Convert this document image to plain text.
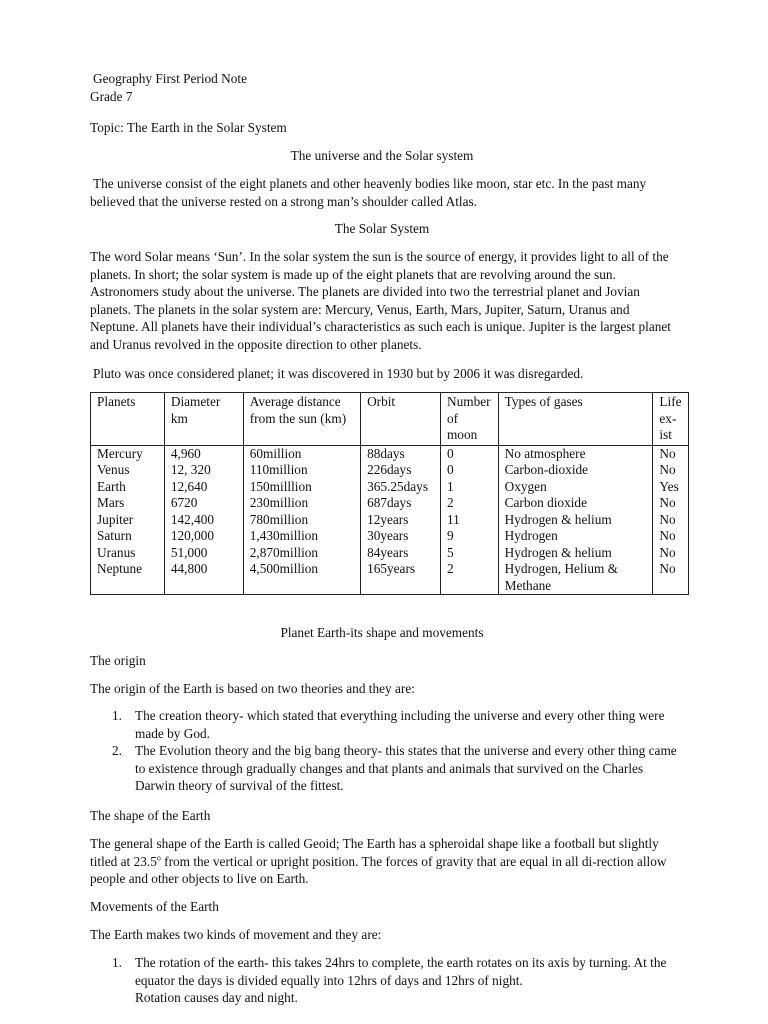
Geography First Period Note
Grade 7
Topic: The Earth in the Solar System
The universe and the Solar system

The universe consist of the eight planets and other heavenly bodies like moon, star etc. In the past many believed that the universe rested on a strong man’s shoulder called Atlas.

The Solar System

The word Solar means ‘Sun’. In the solar system the sun is the source of energy, it provides light to all of the planets. In short; the solar system is made up of the eight planets that are revolving around the sun. Astronomers study about the universe. The planets are divided into two the terrestrial planet and Jovian planets. The planets in the solar system are: Mercury, Venus, Earth, Mars, Jupiter, Saturn, Uranus and Neptune. All planets have their individual’s characteristics as such each is unique. Jupiter is the largest planet and Uranus revolved in the opposite direction to other planets.

Pluto was once considered planet; it was discovered in 1930 but by 2006 it was disregarded.

Planets	Diameter km	Average distance from the sun (km)	Orbit	Number of moon	Types of gases	Life ex-ist
Mercury	4,960	60million	88days	0	No atmosphere	No
Venus	12, 320	110million	226days	0	Carbon-dioxide	No
Earth	12,640	150milllion	365.25days	1	Oxygen	Yes
Mars	6720	230million	687days	2	Carbon dioxide	No
Jupiter	142,400	780million	12years	11	Hydrogen & helium	No
Saturn	120,000	1,430million	30years	9	Hydrogen	No
Uranus	51,000	2,870million	84years	5	Hydrogen & helium	No
Neptune	44,800	4,500million	165years	2	Hydrogen, Helium & Methane	No
Planet Earth-its shape and movements
The origin
The origin of the Earth is based on two theories and they are:
1. The creation theory- which stated that everything including the universe and every other thing were made by God.
2. The Evolution theory and the big bang theory- this states that the universe and every other thing came to existence through gradually changes and that plants and animals that survived on the Charles Darwin theory of survival of the fittest.
The shape of the Earth

The general shape of the Earth is called Geoid; The Earth has a spheroidal shape like a football but slightly titled at 23.5$^o$ from the vertical or upright position. The forces of gravity that are equal in all di-rection allow people and other objects to live on Earth.

Movements of the Earth
The Earth makes two kinds of movement and they are:
1. The rotation of the earth- this takes 24hrs to complete, the earth rotates on its axis by turning. At the equator the days is divided equally into 12hrs of days and 12hrs of night.
Rotation causes day and night.
